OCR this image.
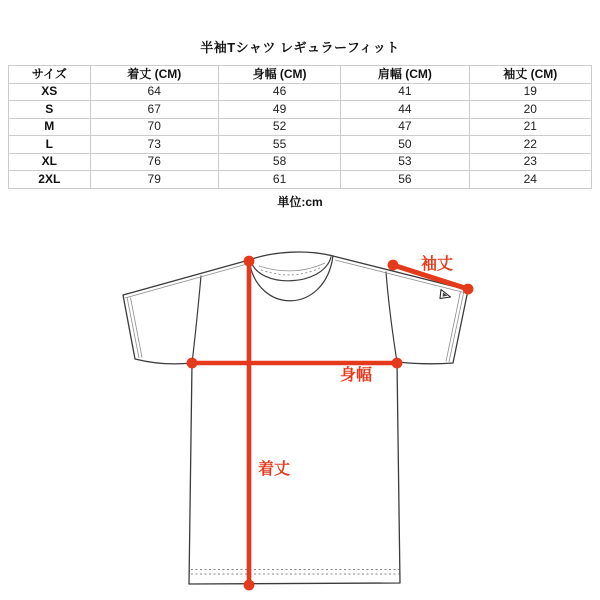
半袖Tシャツ レギュラーフィット
サイズ	着丈 (CM)	身幅 (CM)	肩幅 (CM)	袖丈 (CM)
XS	64	46	41	19
S	67	49	44	20
M	70	52	47	21
L	73	55	50	22
XL	76	58	53	23
2XL	79	61	56	24
単位:cm
袖丈
身幅
着丈
